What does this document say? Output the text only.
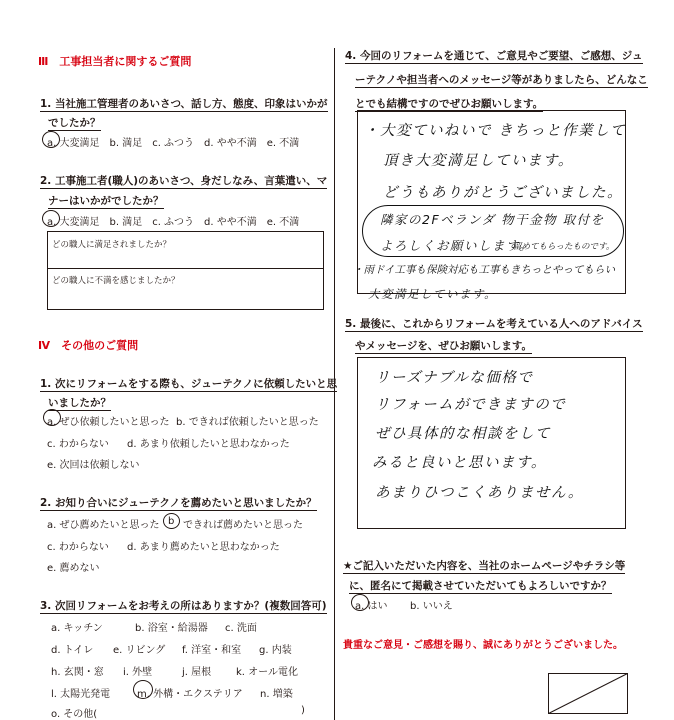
Ⅲ　工事担当者に関するご質問
1. 当社施工管理者のあいさつ、話し方、態度、印象はいかが
でしたか？
a. 大変満足　b. 満足　c. ふつう　d. やや不満　e. 不満
2. 工事施工者(職人)のあいさつ、身だしなみ、言葉遣い、マ
ナーはいかがでしたか？
a. 大変満足　b. 満足　c. ふつう　d. やや不満　e. 不満
どの職人に満足されましたか？
どの職人に不満を感じましたか？
Ⅳ　その他のご質問
1. 次にリフォームをする際も、ジューテクノに依頼したいと思
いましたか？
a. ぜひ依頼したいと思った b. できれば依頼したいと思った
c. わからない d. あまり依頼したいと思わなかった
e. 次回は依頼しない
2. お知り合いにジューテクノを薦めたいと思いましたか？
a. ぜひ薦めたいと思った b できれば薦めたいと思った
c. わからない d. あまり薦めたいと思わなかった
e. 薦めない
3. 次回リフォームをお考えの所はありますか？(複数回答可)
a. キッチン	b. 浴室・給湯器 c. 洗面
d. トイレ e. リビング f. 洋室・和室 g. 内装
h. 玄関・窓 i. 外壁	j. 屋根 k. オール電化
l. 太陽光発電	m. 外構・エクステリア n. 増築
o. その他(	)
4. 今回のリフォームを通じて、ご意見やご要望、ご感想、ジュ
ーテクノや担当者へのメッセージ等がありましたら、どんなこ
とでも結構ですのでぜひお願いします。
・大変ていねいで きちっと作業して
頂き大変満足しています。
どうもありがとうございました。
隣家の2Fベランダ 物干金物 取付を
よろしくお願いします。
留めてもらったものです。
・雨ドイ工事も保険対応も工事もきちっとやってもらい
大変満足しています。
5. 最後に、これからリフォームを考えている人へのアドバイス
やメッセージを、ぜひお願いします。
リーズナブルな価格で
リフォームができますので
ぜひ具体的な相談をして
みると良いと思います。
あまりひつこくありません。
★ご記入いただいた内容を、当社のホームページやチラシ等
に、匿名にて掲載させていただいてもよろしいですか？
a. はい b. いいえ
貴重なご意見・ご感想を賜り、誠にありがとうございました。
